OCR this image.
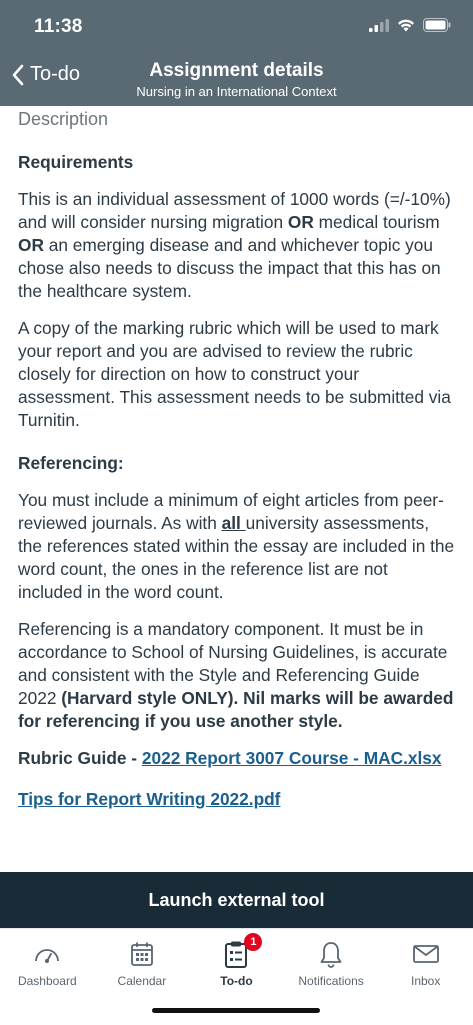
11:38
To-do	Assignment details
Nursing in an International Context
Description
Requirements

This is an individual assessment of 1000 words (=/-10%) and will consider nursing migration OR medical tourism OR an emerging disease and and whichever topic you chose also needs to discuss the impact that this has on the healthcare system.

A copy of the marking rubric which will be used to mark your report and you are advised to review the rubric closely for direction on how to construct your assessment. This assessment needs to be submitted via Turnitin.

Referencing:

You must include a minimum of eight articles from peer-reviewed journals. As with all university assessments, the references stated within the essay are included in the word count, the ones in the reference list are not included in the word count.

Referencing is a mandatory component. It must be in accordance to School of Nursing Guidelines, is accurate and consistent with the Style and Referencing Guide 2022 (Harvard style ONLY). Nil marks will be awarded for referencing if you use another style.

Rubric Guide - 2022 Report 3007 Course - MAC.xlsx

Tips for Report Writing 2022.pdf

Launch external tool
Dashboard	Calendar
1
To-do	Notifications	Inbox
